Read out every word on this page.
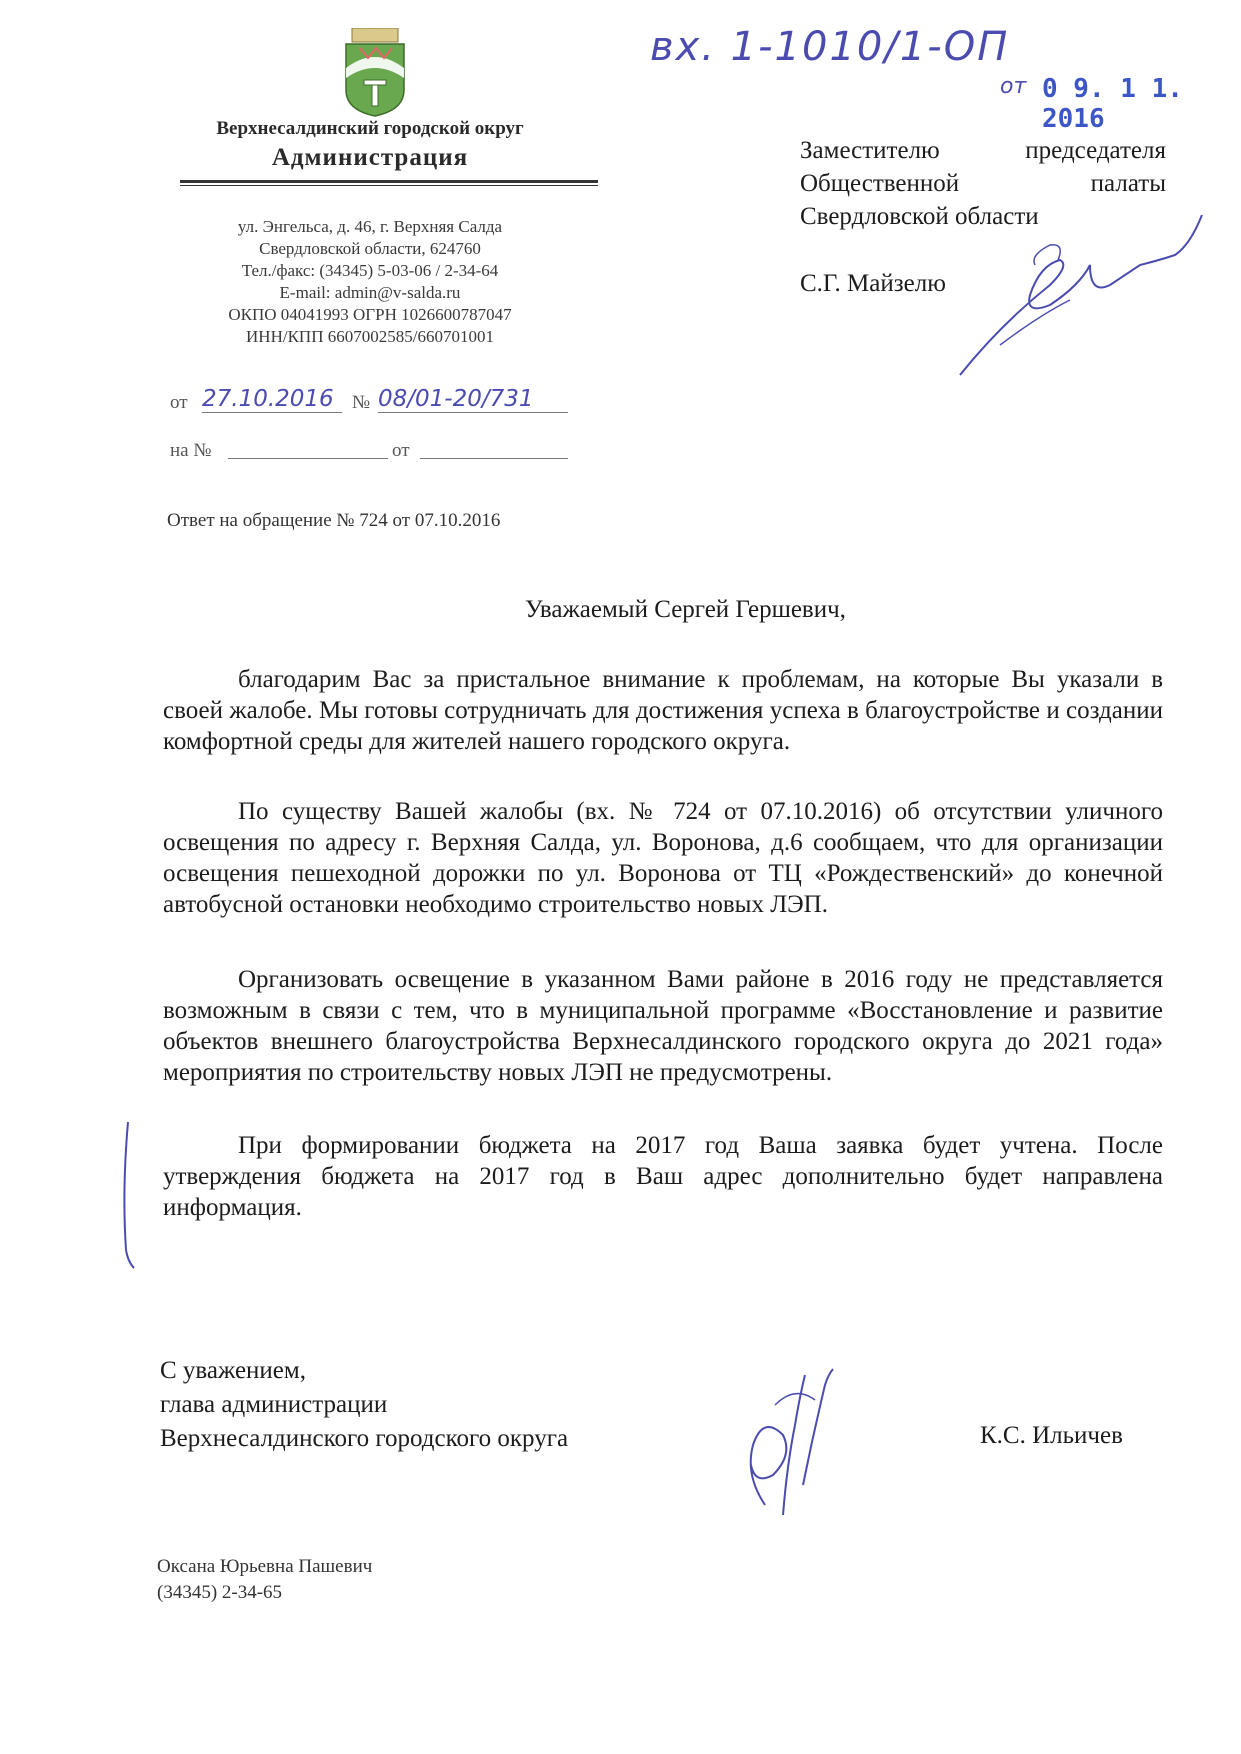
Верхнесалдинский городской округ
Администрация
ул. Энгельса, д. 46, г. Верхняя Салда
Свердловской области, 624760
Тел./факс: (34345) 5-03-06 / 2-34-64
E-mail: admin@v-salda.ru
ОКПО 04041993 ОГРН 1026600787047
ИНН/КПП 6607002585/660701001
от 27.10.2016 № 08/01-20/731
на №	от
Ответ на обращение № 724 от 07.10.2016
вх. 1-1010/1-ОП
от 0 9. 1 1. 2016
Заместителю	председателя
Общественной	палаты
Свердловской области
С.Г. Майзелю
Уважаемый Сергей Гершевич,
благодарим Вас за пристальное внимание к проблемам, на которые Вы указали в своей жалобе. Мы готовы сотрудничать для достижения успеха в благоустройстве и создании комфортной среды для жителей нашего городского округа.
По существу Вашей жалобы (вх. № 724 от 07.10.2016) об отсутствии уличного освещения по адресу г. Верхняя Салда, ул. Воронова, д.6 сообщаем, что для организации освещения пешеходной дорожки по ул. Воронова от ТЦ «Рождественский» до конечной автобусной остановки необходимо строительство новых ЛЭП.
Организовать освещение в указанном Вами районе в 2016 году не представляется возможным в связи с тем, что в муниципальной программе «Восстановление и развитие объектов внешнего благоустройства Верхнесалдинского городского округа до 2021 года» мероприятия по строительству новых ЛЭП не предусмотрены.
При формировании бюджета на 2017 год Ваша заявка будет учтена. После утверждения бюджета на 2017 год в Ваш адрес дополнительно будет направлена информация.
С уважением,
глава администрации
Верхнесалдинского городского округа	К.С. Ильичев
Оксана Юрьевна Пашевич
(34345) 2-34-65
